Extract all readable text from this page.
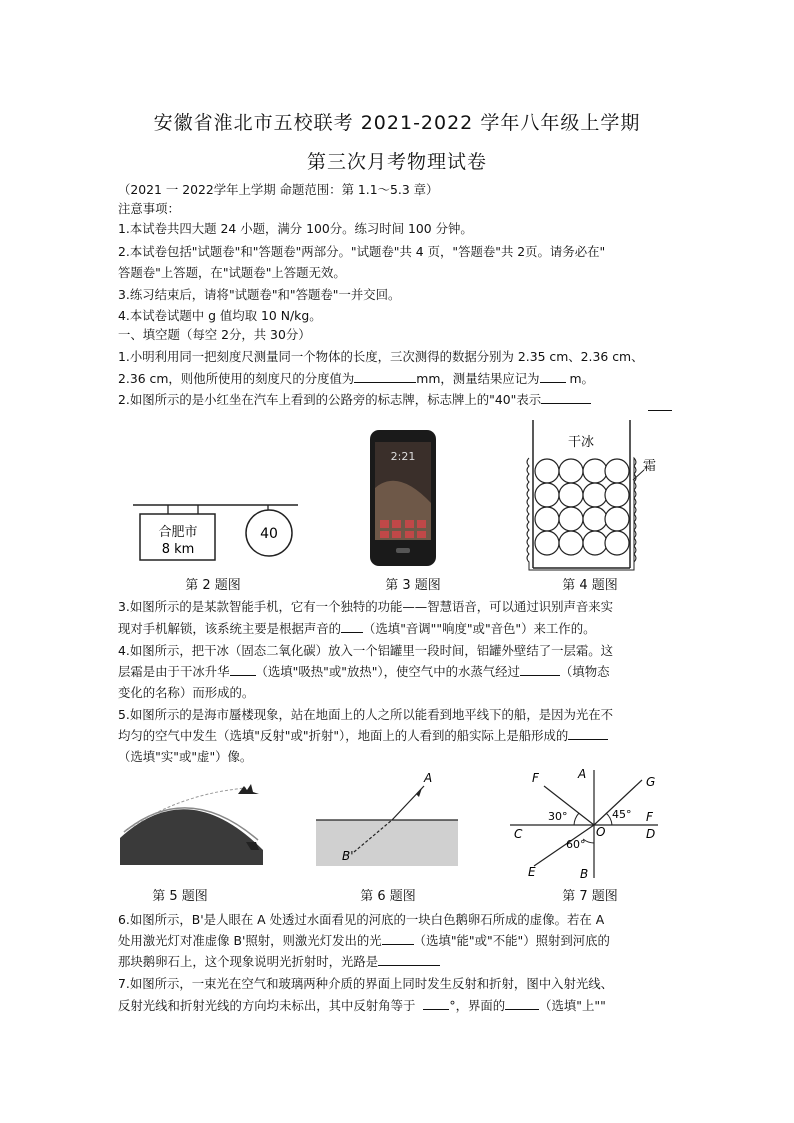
安徽省淮北市五校联考 2021-2022 学年八年级上学期
第三次月考物理试卷
（2021 一 2022学年上学期 命题范围：第 1.1～5.3 章）
注意事项：
1.本试卷共四大题 24 小题，满分 100分。练习时间 100 分钟。
2.本试卷包括"试题卷"和"答题卷"两部分。"试题卷"共 4 页，"答题卷"共 2页。请务必在"
答题卷"上答题，在"试题卷"上答题无效。
3.练习结束后，请将"试题卷"和"答题卷"一并交回。
4.本试卷试题中 g 值均取 10 N/kg。
一、填空题（每空 2分，共 30分）
1.小明利用同一把刻度尺测量同一个物体的长度，三次测得的数据分别为 2.35 cm、2.36 cm、
2.36 cm，则他所使用的刻度尺的分度值为	mm，测量结果应记为 m。
2.如图所示的是小红坐在汽车上看到的公路旁的标志牌，标志牌上的"40"表示
合肥市
8 km
40
第 2 题图
2:21
第 3 题图
干冰
霜
第 4 题图
3.如图所示的是某款智能手机，它有一个独特的功能——智慧语音，可以通过识别声音来实
现对手机解锁，该系统主要是根据声音的 （选填"音调""响度"或"音色"）来工作的。
4.如图所示，把干冰（固态二氧化碳）放入一个铝罐里一段时间，铝罐外壁结了一层霜。这
层霜是由于干冰升华 （选填"吸热"或"放热"），使空气中的水蒸气经过	（填物态
变化的名称）而形成的。
5.如图所示的是海市蜃楼现象，站在地面上的人之所以能看到地平线下的船，是因为光在不
均匀的空气中发生（选填"反射"或"折射"），地面上的人看到的船实际上是船形成的
（选填"实"或"虚"）像。
第 5 题图
A
B'
第 6 题图
F	A
G
C	O
F
D
E	B
30°	45°
60°
第 7 题图
6.如图所示，B'是人眼在 A 处透过水面看见的河底的一块白色鹅卵石所成的虚像。若在 A
处用激光灯对准虚像 B'照射，则激光灯发出的光	（选填"能"或"不能"）照射到河底的
那块鹅卵石上，这个现象说明光折射时，光路是
7.如图所示，一束光在空气和玻璃两种介质的界面上同时发生反射和折射，图中入射光线、
反射光线和折射光线的方向均未标出，其中反射角等于	°，界面的	（选填"上""
